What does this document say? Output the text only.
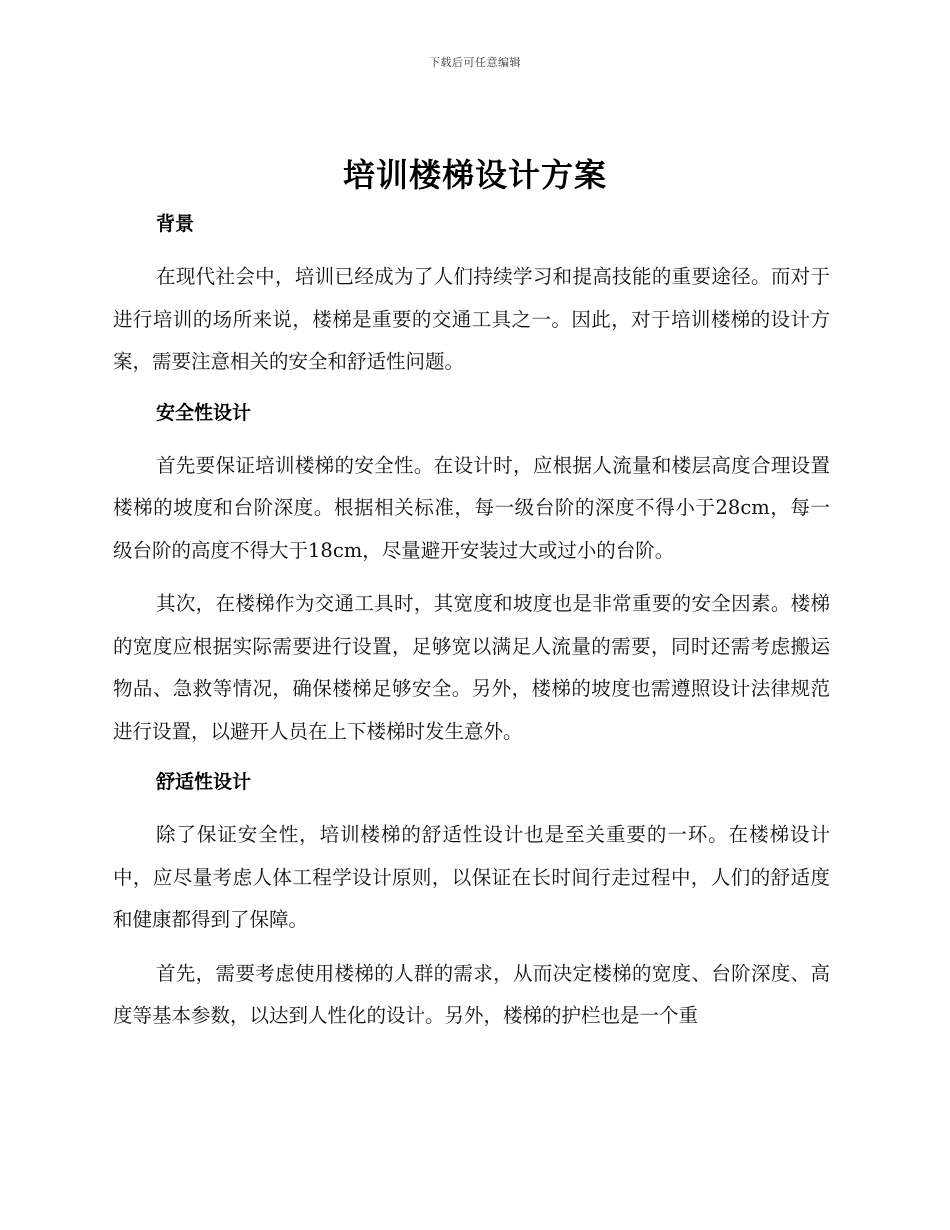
下载后可任意编辑
培训楼梯设计方案
背景

在现代社会中，培训已经成为了人们持续学习和提高技能的重要途径。而对于进行培训的场所来说，楼梯是重要的交通工具之一。因此，对于培训楼梯的设计方案，需要注意相关的安全和舒适性问题。

安全性设计

首先要保证培训楼梯的安全性。在设计时，应根据人流量和楼层高度合理设置楼梯的坡度和台阶深度。根据相关标准，每一级台阶的深度不得小于28cm，每一级台阶的高度不得大于18cm，尽量避开安装过大或过小的台阶。

其次，在楼梯作为交通工具时，其宽度和坡度也是非常重要的安全因素。楼梯的宽度应根据实际需要进行设置，足够宽以满足人流量的需要，同时还需考虑搬运物品、急救等情况，确保楼梯足够安全。另外，楼梯的坡度也需遵照设计法律规范进行设置，以避开人员在上下楼梯时发生意外。

舒适性设计

除了保证安全性，培训楼梯的舒适性设计也是至关重要的一环。在楼梯设计中，应尽量考虑人体工程学设计原则，以保证在长时间行走过程中，人们的舒适度和健康都得到了保障。

首先，需要考虑使用楼梯的人群的需求，从而决定楼梯的宽度、台阶深度、高度等基本参数，以达到人性化的设计。另外，楼梯的护栏也是一个重
